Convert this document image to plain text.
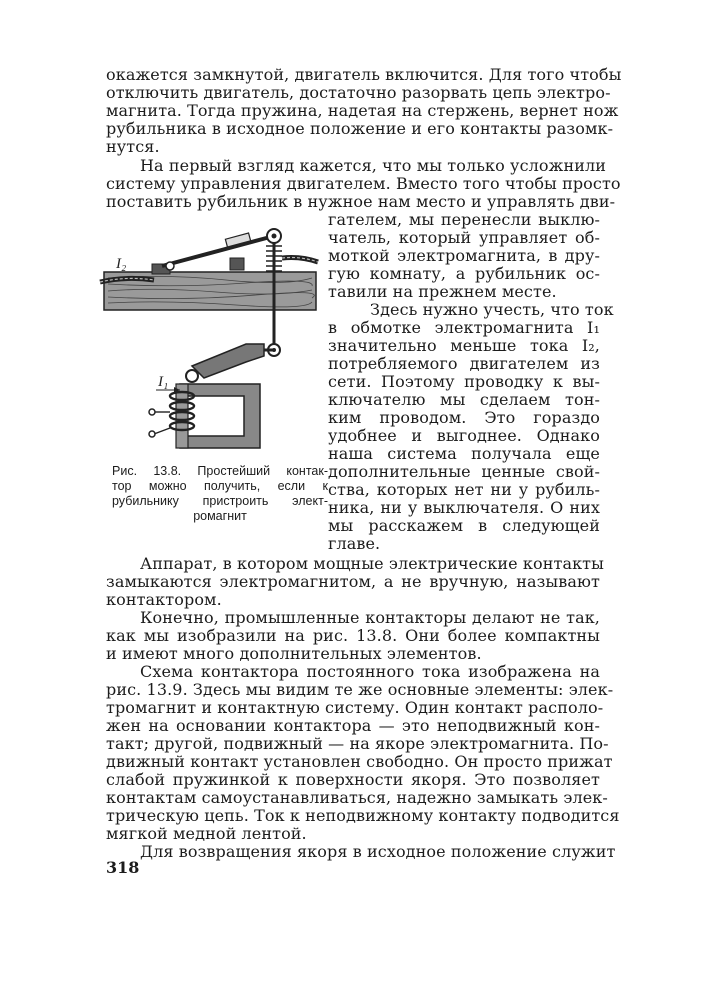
окажется замкнутой, двигатель включится. Для того чтобы
отключить двигатель, достаточно разорвать цепь электро-
магнита. Тогда пружина, надетая на стержень, вернет нож
рубильника в исходное положение и его контакты разомк-
нутся.
На первый взгляд кажется, что мы только усложнили
систему управления двигателем. Вместо того чтобы просто
поставить рубильник в нужное нам место и управлять дви-
I₂
I₁
Рис. 13.8. Простейший контак-
тор можно получить, если к
рубильнику пристроить элект-
ромагнит
гателем, мы перенесли выклю-
чатель, который управляет об-
моткой электромагнита, в дру-
гую комнату, а рубильник ос-
тавили на прежнем месте.
Здесь нужно учесть, что ток
в обмотке электромагнита I₁
значительно меньше тока I₂,
потребляемого двигателем из
сети. Поэтому проводку к вы-
ключателю мы сделаем тон-
ким проводом. Это гораздо
удобнее и выгоднее. Однако
наша система получала еще
дополнительные ценные свой-
ства, которых нет ни у рубиль-
ника, ни у выключателя. О них
мы расскажем в следующей
главе.
Аппарат, в котором мощные электрические контакты
замыкаются электромагнитом, а не вручную, называют
контактором.
Конечно, промышленные контакторы делают не так,
как мы изобразили на рис. 13.8. Они более компактны
и имеют много дополнительных элементов.
Схема контактора постоянного тока изображена на
рис. 13.9. Здесь мы видим те же основные элементы: элек-
тромагнит и контактную систему. Один контакт располо-
жен на основании контактора — это неподвижный кон-
такт; другой, подвижный — на якоре электромагнита. По-
движный контакт установлен свободно. Он просто прижат
слабой пружинкой к поверхности якоря. Это позволяет
контактам самоустанавливаться, надежно замыкать элек-
трическую цепь. Ток к неподвижному контакту подводится
мягкой медной лентой.
Для возвращения якоря в исходное положение служит
318
